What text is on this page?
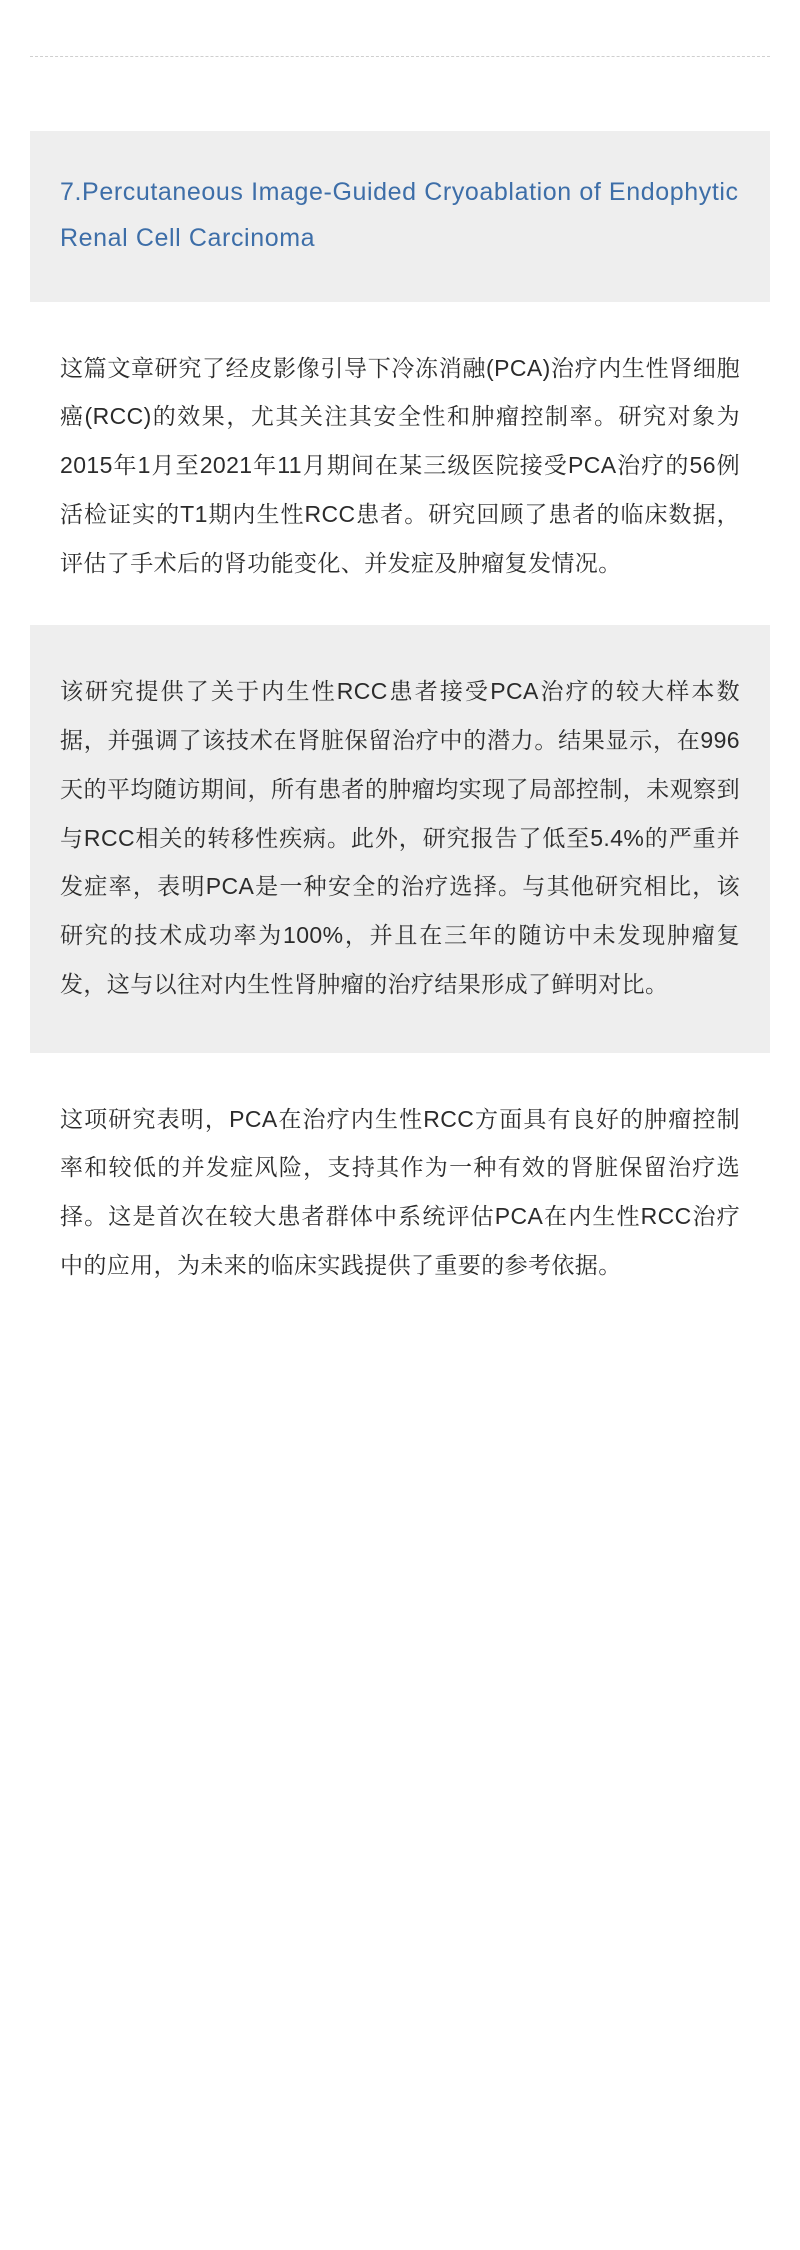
7.Percutaneous Image-Guided Cryoablation of Endophytic Renal Cell Carcinoma
这篇文章研究了经皮影像引导下冷冻消融(PCA)治疗内生性肾细胞癌(RCC)的效果，尤其关注其安全性和肿瘤控制率。研究对象为2015年1月至2021年11月期间在某三级医院接受PCA治疗的56例活检证实的T1期内生性RCC患者。研究回顾了患者的临床数据，评估了手术后的肾功能变化、并发症及肿瘤复发情况。
该研究提供了关于内生性RCC患者接受PCA治疗的较大样本数据，并强调了该技术在肾脏保留治疗中的潜力。结果显示，在996天的平均随访期间，所有患者的肿瘤均实现了局部控制，未观察到与RCC相关的转移性疾病。此外，研究报告了低至5.4%的严重并发症率，表明PCA是一种安全的治疗选择。与其他研究相比，该研究的技术成功率为100%，并且在三年的随访中未发现肿瘤复发，这与以往对内生性肾肿瘤的治疗结果形成了鲜明对比。
这项研究表明，PCA在治疗内生性RCC方面具有良好的肿瘤控制率和较低的并发症风险，支持其作为一种有效的肾脏保留治疗选择。这是首次在较大患者群体中系统评估PCA在内生性RCC治疗中的应用，为未来的临床实践提供了重要的参考依据。
